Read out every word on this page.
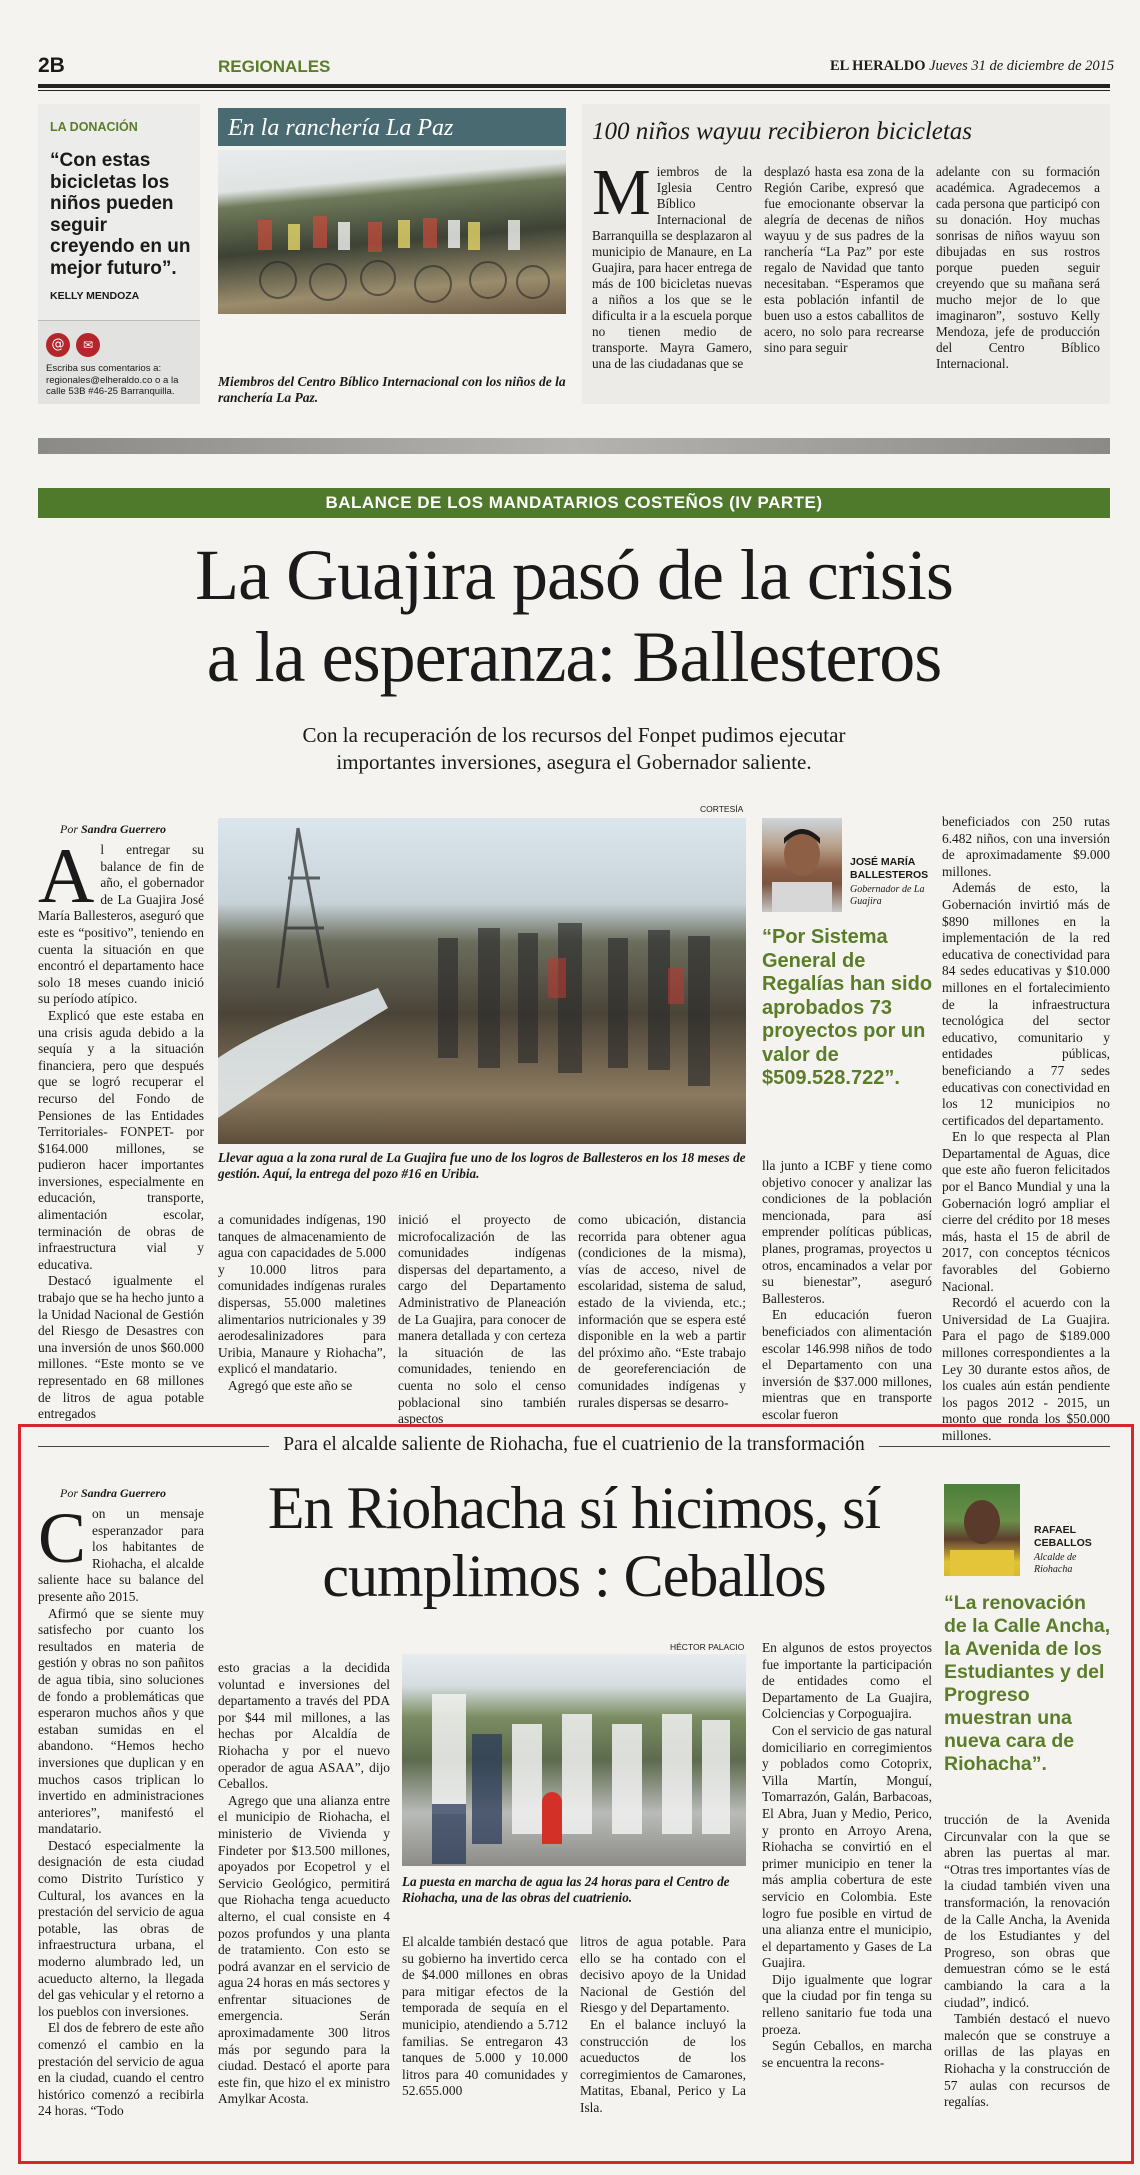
2B	REGIONALES	EL HERALDO Jueves 31 de diciembre de 2015
LA DONACIÓN
“Con estas bicicletas los niños pueden seguir creyendo en un mejor futuro”.
KELLY MENDOZA
@	✉
Escriba sus comentarios a: regionales@elheraldo.co o a la calle 53B #46-25 Barranquilla.
En la ranchería La Paz
Miembros del Centro Bíblico Internacional con los niños de la ranchería La Paz.
100 niños wayuu recibieron bicicletas
Miembros de la Iglesia Centro Bíblico Internacional de Barranquilla se desplazaron al municipio de Manaure, en La Guajira, para hacer entrega de más de 100 bicicletas nuevas a niños a los que se le dificulta ir a la escuela porque no tienen medio de transporte. Mayra Gamero, una de las ciudadanas que se
desplazó hasta esa zona de la Región Caribe, expresó que fue emocionante observar la alegría de decenas de niños wayuu y de sus padres de la ranchería “La Paz” por este regalo de Navidad que tanto necesitaban. “Esperamos que esta población infantil de buen uso a estos caballitos de acero, no solo para recrearse sino para seguir
adelante con su formación académica. Agradecemos a cada persona que participó con su donación. Hoy muchas sonrisas de niños wayuu son dibujadas en sus rostros porque pueden seguir creyendo que su mañana será mucho mejor de lo que imaginaron”, sostuvo Kelly Mendoza, jefe de producción del Centro Bíblico Internacional.
BALANCE DE LOS MANDATARIOS COSTEÑOS (IV PARTE)
La Guajira pasó de la crisis
a la esperanza: Ballesteros
Con la recuperación de los recursos del Fonpet pudimos ejecutar
importantes inversiones, asegura el Gobernador saliente.
Por Sandra Guerrero

Al entregar su balance de fin de año, el gobernador de La Guajira José María Ballesteros, aseguró que este es “positivo”, teniendo en cuenta la situación en que encontró el departamento hace solo 18 meses cuando inició su período atípico.

Explicó que este estaba en una crisis aguda debido a la sequía y a la situación financiera, pero que después que se logró recuperar el recurso del Fondo de Pensiones de las Entidades Territoriales- FONPET- por $164.000 millones, se pudieron hacer importantes inversiones, especialmente en educación, transporte, alimentación escolar, terminación de obras de infraestructura vial y educativa.

Destacó igualmente el trabajo que se ha hecho junto a la Unidad Nacional de Gestión del Riesgo de Desastres con una inversión de unos $60.000 millones. “Este monto se ve representado en 68 millones de litros de agua potable entregados

CORTESÍA
Llevar agua a la zona rural de La Guajira fue uno de los logros de Ballesteros en los 18 meses de gestión. Aquí, la entrega del pozo #16 en Uribia.
JOSÉ MARÍA BALLESTEROS
Gobernador de La Guajira
“Por Sistema General de Regalías han sido aprobados 73 proyectos por un valor de $509.528.722”.

a comunidades indígenas, 190 tanques de almacenamiento de agua con capacidades de 5.000 y 10.000 litros para comunidades indígenas rurales dispersas, 55.000 maletines alimentarios nutricionales y 39 aerodesalinizadores para Uribia, Manaure y Riohacha”, explicó el mandatario.

Agregó que este año se

inició el proyecto de microfocalización de las comunidades indígenas dispersas del departamento, a cargo del Departamento Administrativo de Planeación de La Guajira, para conocer de manera detallada y con certeza la situación de las comunidades, teniendo en cuenta no solo el censo poblacional sino también aspectos
como ubicación, distancia recorrida para obtener agua (condiciones de la misma), vías de acceso, nivel de escolaridad, sistema de salud, estado de la vivienda, etc.; información que se espera esté disponible en la web a partir del próximo año. “Este trabajo de georeferenciación de comunidades indígenas y rurales dispersas se desarro-

lla junto a ICBF y tiene como objetivo conocer y analizar las condiciones de la población mencionada, para así emprender políticas públicas, planes, programas, proyectos u otros, encaminados a velar por su bienestar”, aseguró Ballesteros.

En educación fueron beneficiados con alimentación escolar 146.998 niños de todo el Departamento con una inversión de $37.000 millones, mientras que en transporte escolar fueron

beneficiados con 250 rutas 6.482 niños, con una inversión de aproximadamente $9.000 millones.

Además de esto, la Gobernación invirtió más de $890 millones en la implementación de la red educativa de conectividad para 84 sedes educativas y $10.000 millones en el fortalecimiento de la infraestructura tecnológica del sector educativo, comunitario y entidades públicas, beneficiando a 77 sedes educativas con conectividad en los 12 municipios no certificados del departamento.

En lo que respecta al Plan Departamental de Aguas, dice que este año fueron felicitados por el Banco Mundial y una la Gobernación logró ampliar el cierre del crédito por 18 meses más, hasta el 15 de abril de 2017, con conceptos técnicos favorables del Gobierno Nacional.

Recordó el acuerdo con la Universidad de La Guajira. Para el pago de $189.000 millones correspondientes a la Ley 30 durante estos años, de los cuales aún están pendiente los pagos 2012 - 2015, un monto que ronda los $50.000 millones.

Para el alcalde saliente de Riohacha, fue el cuatrienio de la transformación
Por Sandra Guerrero	En Riohacha sí hicimos, sí
cumplimos : Ceballos

Con un mensaje esperanzador para los habitantes de Riohacha, el alcalde saliente hace su balance del presente año 2015.

Afirmó que se siente muy satisfecho por cuanto los resultados en materia de gestión y obras no son pañitos de agua tibia, sino soluciones de fondo a problemáticas que esperaron muchos años y que estaban sumidas en el abandono. “Hemos hecho inversiones que duplican y en muchos casos triplican lo invertido en administraciones anteriores”, manifestó el mandatario.

Destacó especialmente la designación de esta ciudad como Distrito Turístico y Cultural, los avances en la prestación del servicio de agua potable, las obras de infraestructura urbana, el moderno alumbrado led, un acueducto alterno, la llegada del gas vehicular y el retorno a los pueblos con inversiones.

El dos de febrero de este año comenzó el cambio en la prestación del servicio de agua en la ciudad, cuando el centro histórico comenzó a recibirla 24 horas. “Todo

esto gracias a la decidida voluntad e inversiones del departamento a través del PDA por $44 mil millones, a las hechas por Alcaldía de Riohacha y por el nuevo operador de agua ASAA”, dijo Ceballos.

Agrego que una alianza entre el municipio de Riohacha, el ministerio de Vivienda y Findeter por $13.500 millones, apoyados por Ecopetrol y el Servicio Geológico, permitirá que Riohacha tenga acueducto alterno, el cual consiste en 4 pozos profundos y una planta de tratamiento. Con esto se podrá avanzar en el servicio de agua 24 horas en más sectores y enfrentar situaciones de emergencia. Serán aproximadamente 300 litros más por segundo para la ciudad. Destacó el aporte para este fin, que hizo el ex ministro Amylkar Acosta.

HÉCTOR PALACIO
La puesta en marcha de agua las 24 horas para el Centro de Riohacha, una de las obras del cuatrienio.
El alcalde también destacó que su gobierno ha invertido cerca de $4.000 millones en obras para mitigar efectos de la temporada de sequía en el municipio, atendiendo a 5.712 familias. Se entregaron 43 tanques de 5.000 y 10.000 litros para 40 comunidades y 52.655.000

litros de agua potable. Para ello se ha contado con el decisivo apoyo de la Unidad Nacional de Gestión del Riesgo y del Departamento.

En el balance incluyó la construcción de los acueductos de los corregimientos de Camarones, Matitas, Ebanal, Perico y La Isla.

En algunos de estos proyectos fue importante la participación de entidades como el Departamento de La Guajira, Colciencias y Corpoguajira.

Con el servicio de gas natural domiciliario en corregimientos y poblados como Cotoprix, Villa Martín, Monguí, Tomarrazón, Galán, Barbacoas, El Abra, Juan y Medio, Perico, y pronto en Arroyo Arena, Riohacha se convirtió en el primer municipio en tener la más amplia cobertura de este servicio en Colombia. Este logro fue posible en virtud de una alianza entre el municipio, el departamento y Gases de La Guajira.

Dijo igualmente que lograr que la ciudad por fin tenga su relleno sanitario fue toda una proeza.

Según Ceballos, en marcha se encuentra la recons-

RAFAEL CEBALLOS
Alcalde de Riohacha
“La renovación de la Calle Ancha, la Avenida de los Estudiantes y del Progreso muestran una nueva cara de Riohacha”.

trucción de la Avenida Circunvalar con la que se abren las puertas al mar. “Otras tres importantes vías de la ciudad también viven una transformación, la renovación de la Calle Ancha, la Avenida de los Estudiantes y del Progreso, son obras que demuestran cómo se le está cambiando la cara a la ciudad”, indicó.

También destacó el nuevo malecón que se construye a orillas de las playas en Riohacha y la construcción de 57 aulas con recursos de regalías.
